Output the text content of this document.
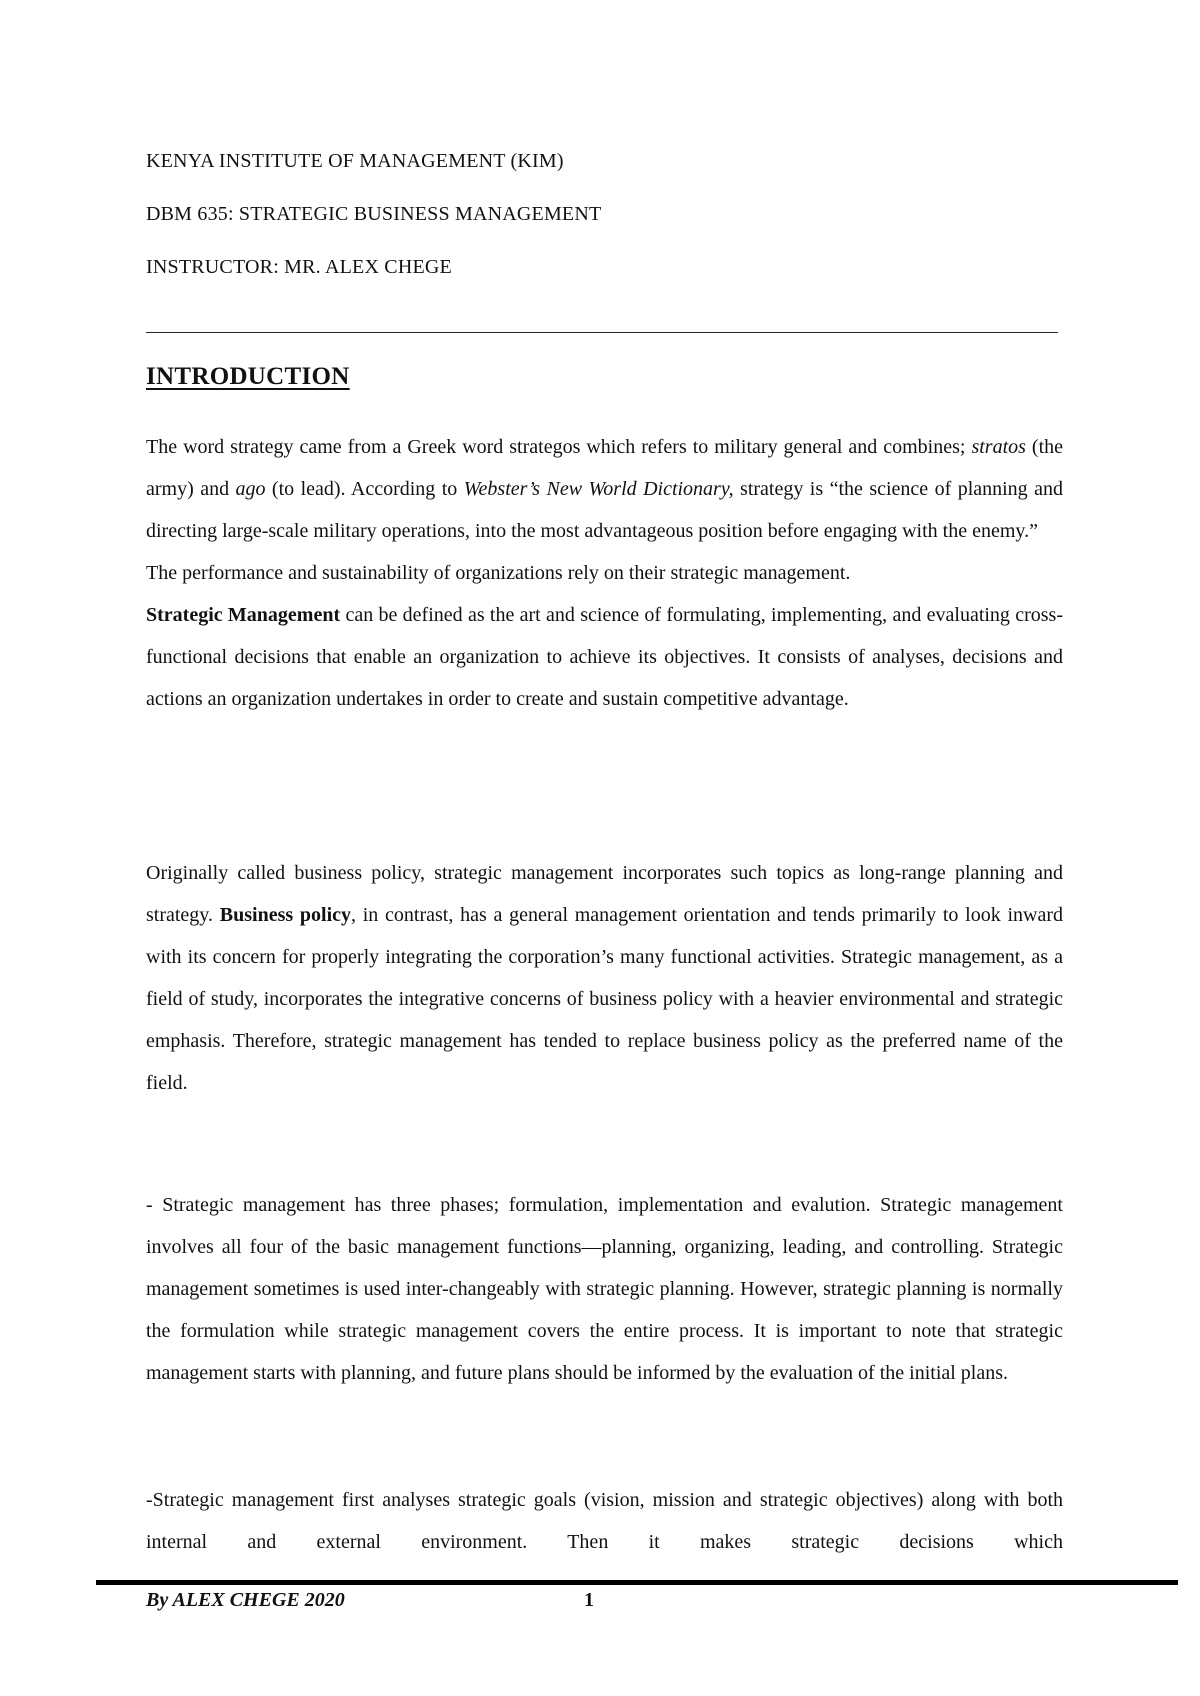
KENYA INSTITUTE OF MANAGEMENT (KIM)
DBM 635: STRATEGIC BUSINESS MANAGEMENT
INSTRUCTOR: MR. ALEX CHEGE
INTRODUCTION

The word strategy came from a Greek word strategos which refers to military general and combines; stratos (the army) and ago (to lead). According to Webster’s New World Dictionary, strategy is “the science of planning and directing large-scale military operations, into the most advantageous position before engaging with the enemy.”

The performance and sustainability of organizations rely on their strategic management.

Strategic Management can be defined as the art and science of formulating, implementing, and evaluating cross-functional decisions that enable an organization to achieve its objectives. It consists of analyses, decisions and actions an organization undertakes in order to create and sustain competitive advantage.

Originally called business policy, strategic management incorporates such topics as long-range planning and strategy. Business policy, in contrast, has a general management orientation and tends primarily to look inward with its concern for properly integrating the corporation’s many functional activities. Strategic management, as a field of study, incorporates the integrative concerns of business policy with a heavier environmental and strategic emphasis. Therefore, strategic management has tended to replace business policy as the preferred name of the field.

- Strategic management has three phases; formulation, implementation and evalution. Strategic management involves all four of the basic management functions—planning, organizing, leading, and controlling. Strategic management sometimes is used inter-changeably with strategic planning. However, strategic planning is normally the formulation while strategic management covers the entire process. It is important to note that strategic management starts with planning, and future plans should be informed by the evaluation of the initial plans.

-Strategic management first analyses strategic goals (vision, mission and strategic objectives) along with both internal and external environment. Then it makes strategic decisions which

By ALEX CHEGE 2020	1
